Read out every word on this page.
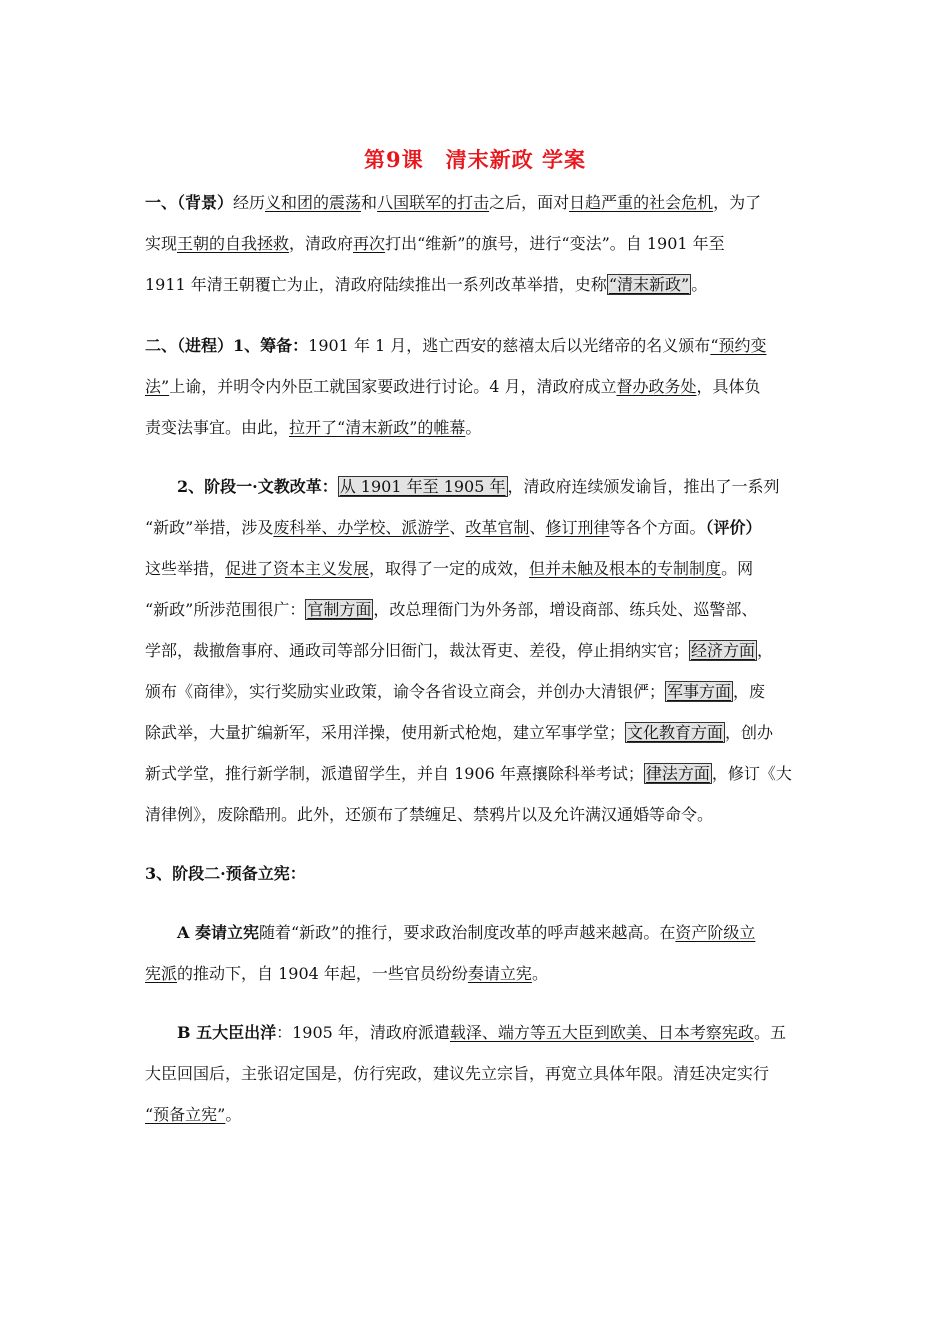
第9课　清末新政 学案
一、（背景）经历义和团的震荡和八国联军的打击之后，面对日趋严重的社会危机，为了
实现王朝的自我拯救，清政府再次打出“维新”的旗号，进行“变法”。自 1901 年至
1911 年清王朝覆亡为止，清政府陆续推出一系列改革举措，史称 “清末新政” 。
二、（进程）1、筹备：1901 年 1 月，逃亡西安的慈禧太后以光绪帝的名义颁布“预约变
法”上谕，并明令内外臣工就国家要政进行讨论。4 月，清政府成立督办政务处，具体负
责变法事宜。由此，拉开了“清末新政”的帷幕。
2、阶段一·文教改革： 从 1901 年至 1905 年 ，清政府连续颁发谕旨，推出了一系列
“新政”举措，涉及废科举、办学校、派游学、改革官制、修订刑律等各个方面。（评价）
这些举措，促进了资本主义发展，取得了一定的成效，但并未触及根本的专制制度。网
“新政”所涉范围很广： 官制方面 ，改总理衙门为外务部，增设商部、练兵处、巡警部、
学部，裁撤詹事府、通政司等部分旧衙门，裁汰胥吏、差役，停止捐纳实官； 经济方面 ，
颁布《商律》，实行奖励实业政策，谕令各省设立商会，并创办大清银俨； 军事方面 ，废
除武举，大量扩编新军，采用洋操，使用新式枪炮，建立军事学堂； 文化教育方面 ，创办
新式学堂，推行新学制，派遣留学生，并自 1906 年熹攘除科举考试； 律法方面 ，修订《大
清律例》，废除酷刑。此外，还颁布了禁缠足、禁鸦片以及允许满汉通婚等命令。
3、阶段二·预备立宪：
A 奏请立宪随着“新政”的推行，要求政治制度改革的呼声越来越高。在资产阶级立
宪派的推动下，自 1904 年起，一些官员纷纷奏请立宪。
B 五大臣出洋：1905 年，清政府派遣载泽、端方等五大臣到欧美、日本考察宪政。五
大臣回国后，主张诏定国是，仿行宪政，建议先立宗旨，再宽立具体年限。清廷决定实行
“预备立宪”。
